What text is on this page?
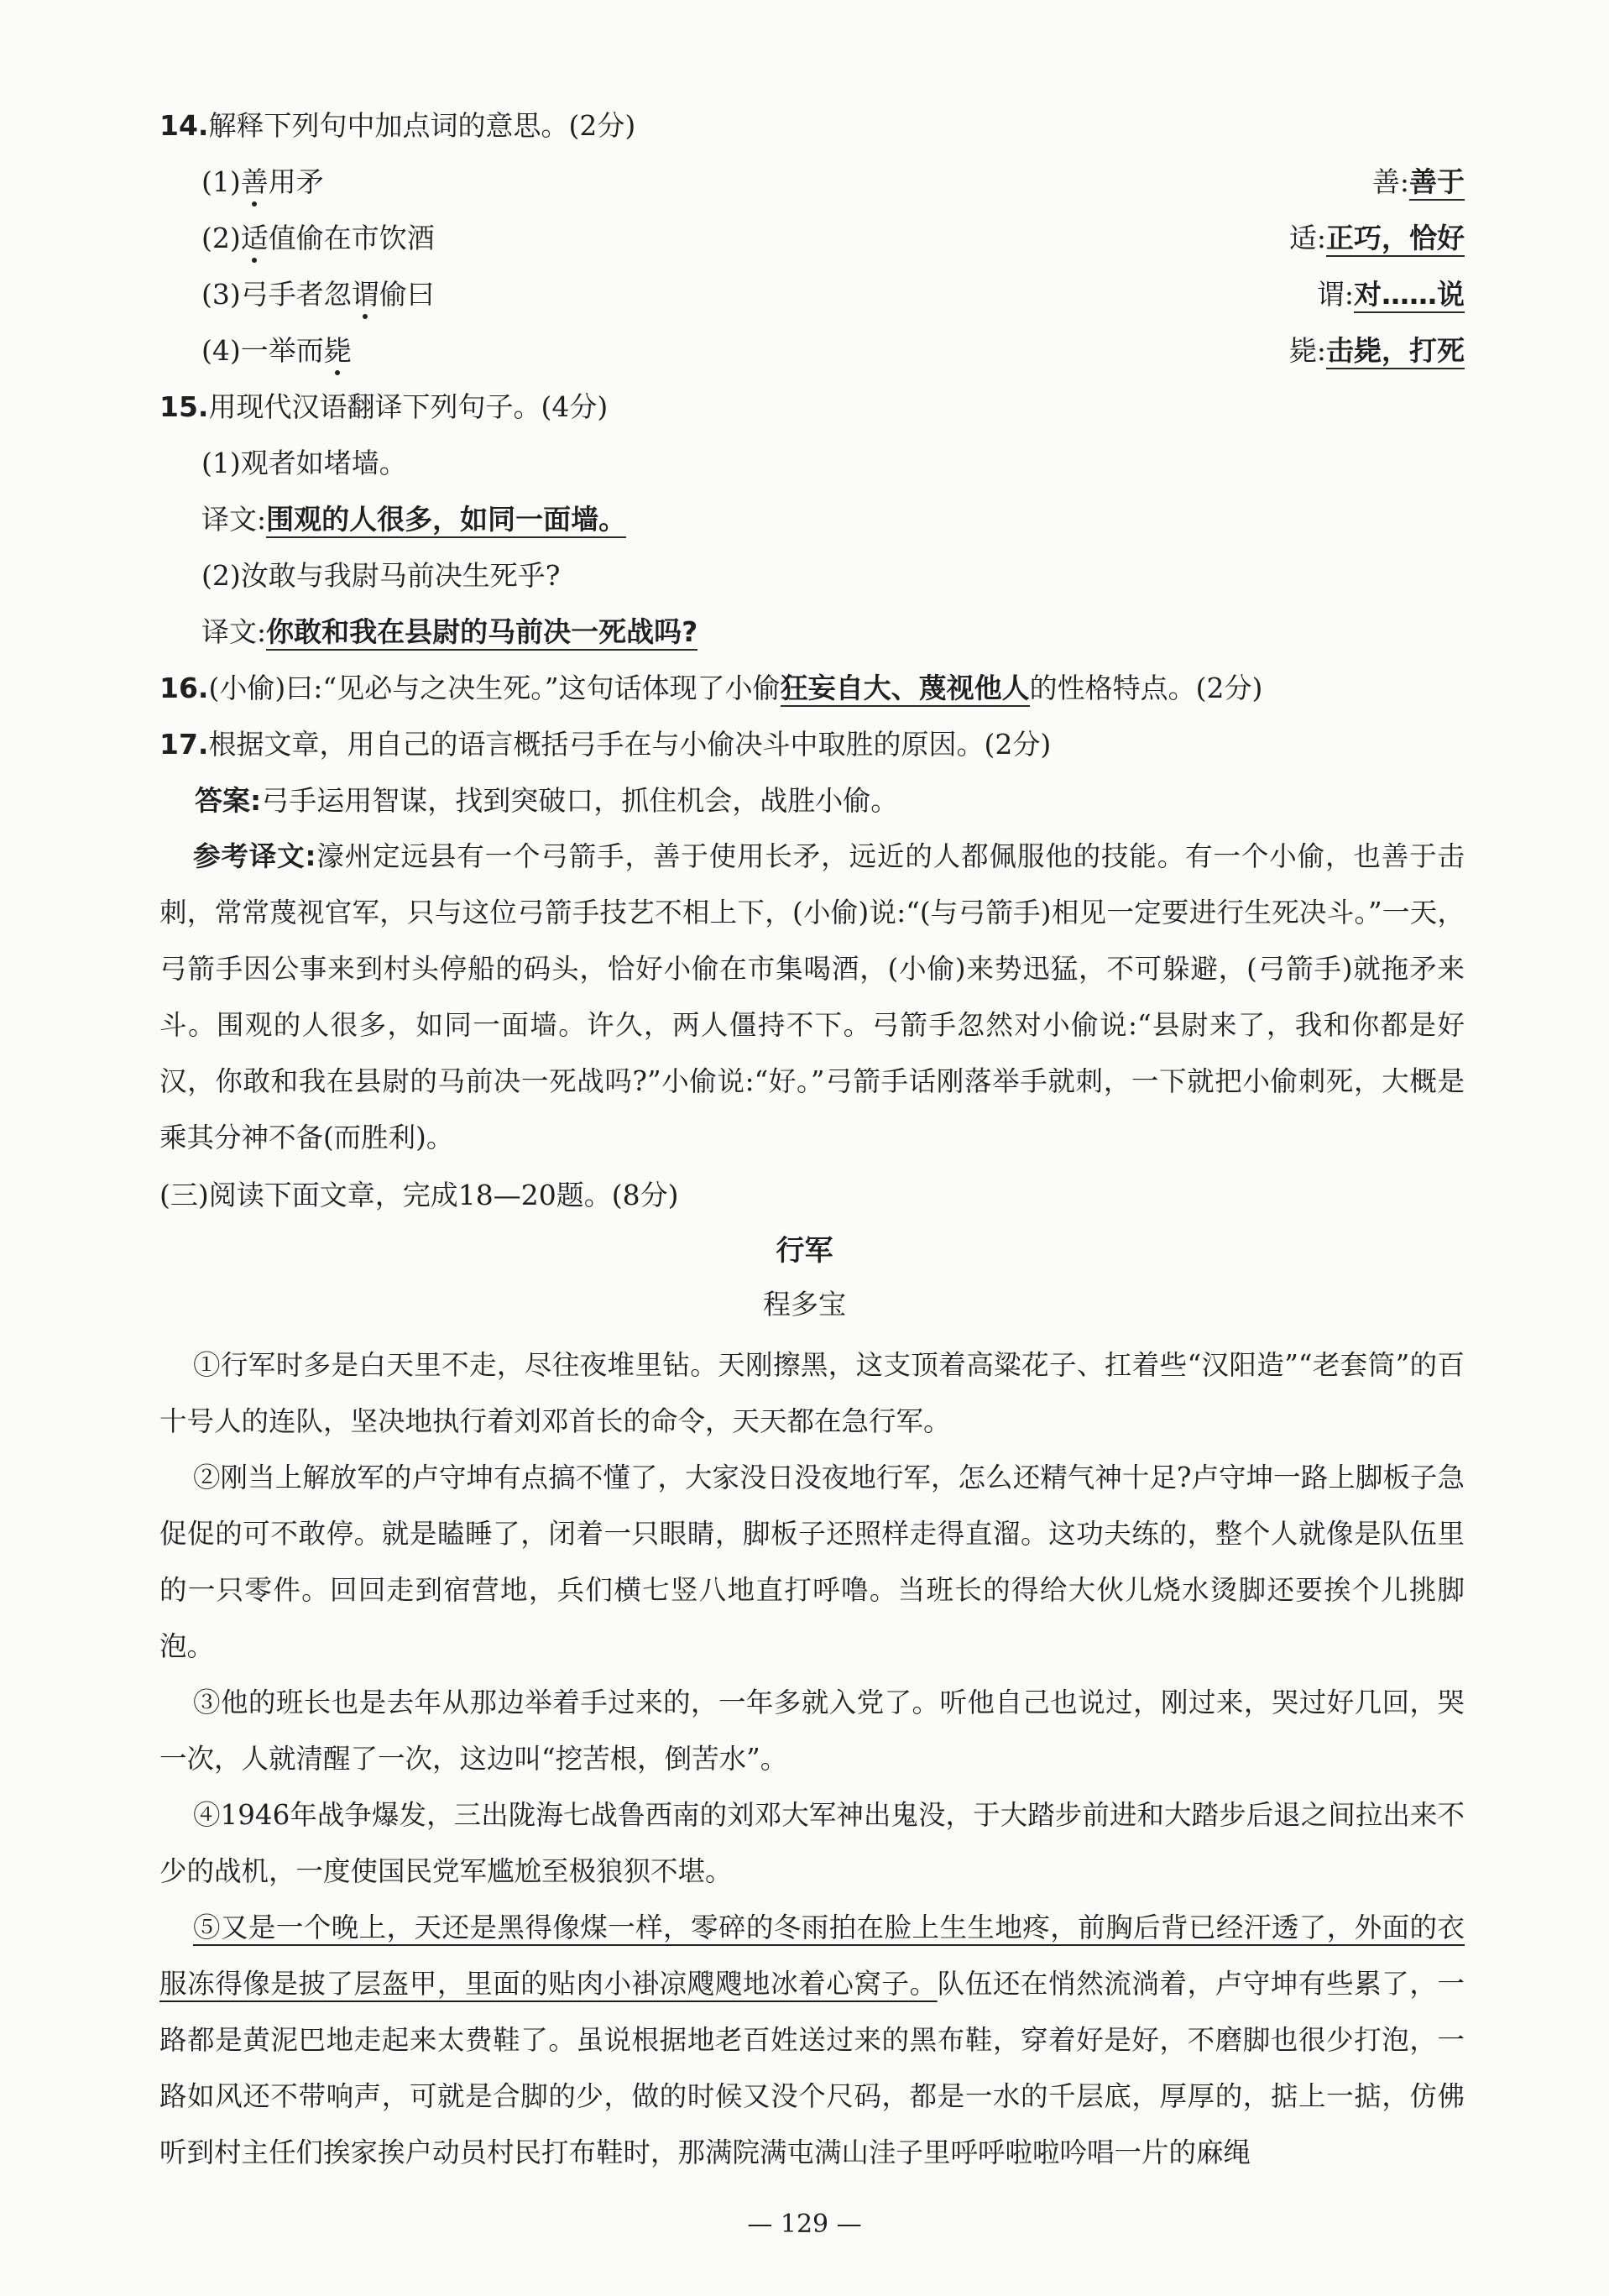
14.解释下列句中加点词的意思。(2分)
(1)善用矛	善:善于
(2)适值偷在市饮酒	适:正巧，恰好
(3)弓手者忽谓偷曰	谓:对……说
(4)一举而毙	毙:击毙，打死
15.用现代汉语翻译下列句子。(4分)
(1)观者如堵墙。
译文:围观的人很多，如同一面墙。
(2)汝敢与我尉马前决生死乎?
译文:你敢和我在县尉的马前决一死战吗?
16.(小偷)曰:“见必与之决生死。”这句话体现了小偷狂妄自大、蔑视他人的性格特点。(2分)
17.根据文章，用自己的语言概括弓手在与小偷决斗中取胜的原因。(2分)
答案:弓手运用智谋，找到突破口，抓住机会，战胜小偷。

参考译文:濠州定远县有一个弓箭手，善于使用长矛，远近的人都佩服他的技能。有一个小偷，也善于击刺，常常蔑视官军，只与这位弓箭手技艺不相上下，(小偷)说:“(与弓箭手)相见一定要进行生死决斗。”一天，弓箭手因公事来到村头停船的码头，恰好小偷在市集喝酒，(小偷)来势迅猛，不可躲避，(弓箭手)就拖矛来斗。围观的人很多，如同一面墙。许久，两人僵持不下。弓箭手忽然对小偷说:“县尉来了，我和你都是好汉，你敢和我在县尉的马前决一死战吗?”小偷说:“好。”弓箭手话刚落举手就刺，一下就把小偷刺死，大概是乘其分神不备(而胜利)。

(三)阅读下面文章，完成18—20题。(8分)
行军
程多宝

①行军时多是白天里不走，尽往夜堆里钻。天刚擦黑，这支顶着高粱花子、扛着些“汉阳造”“老套筒”的百十号人的连队，坚决地执行着刘邓首长的命令，天天都在急行军。

②刚当上解放军的卢守坤有点搞不懂了，大家没日没夜地行军，怎么还精气神十足?卢守坤一路上脚板子急促促的可不敢停。就是瞌睡了，闭着一只眼睛，脚板子还照样走得直溜。这功夫练的，整个人就像是队伍里的一只零件。回回走到宿营地，兵们横七竖八地直打呼噜。当班长的得给大伙儿烧水烫脚还要挨个儿挑脚泡。

③他的班长也是去年从那边举着手过来的，一年多就入党了。听他自己也说过，刚过来，哭过好几回，哭一次，人就清醒了一次，这边叫“挖苦根，倒苦水”。

④1946年战争爆发，三出陇海七战鲁西南的刘邓大军神出鬼没，于大踏步前进和大踏步后退之间拉出来不少的战机，一度使国民党军尴尬至极狼狈不堪。

⑤又是一个晚上，天还是黑得像煤一样，零碎的冬雨拍在脸上生生地疼，前胸后背已经汗透了，外面的衣服冻得像是披了层盔甲，里面的贴肉小褂凉飕飕地冰着心窝子。队伍还在悄然流淌着，卢守坤有些累了，一路都是黄泥巴地走起来太费鞋了。虽说根据地老百姓送过来的黑布鞋，穿着好是好，不磨脚也很少打泡，一路如风还不带响声，可就是合脚的少，做的时候又没个尺码，都是一水的千层底，厚厚的，掂上一掂，仿佛听到村主任们挨家挨户动员村民打布鞋时，那满院满屯满山洼子里呼呼啦啦吟唱一片的麻绳

— 129 —
